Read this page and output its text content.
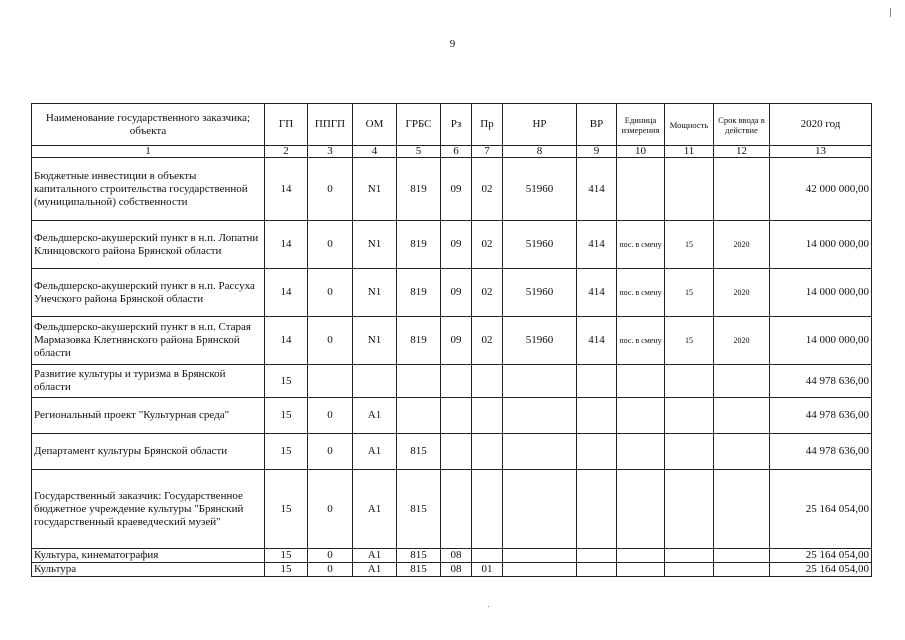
9
Наименование государственного заказчика; объекта	ГП	ППГП	ОМ	ГРБС	Рз	Пр	НР	ВР	Единица измерения	Мощность	Срок ввода в действие	2020 год
1	2	3	4	5	6	7	8	9	10	11	12	13
Бюджетные инвестиции в объекты капитального строительства государственной (муниципальной) собственности	14	0	N1	819	09	02	51960	414				42 000 000,00
Фельдшерско-акушерский пункт в н.п. Лопатни Клинцовского района Брянской области	14	0	N1	819	09	02	51960	414	пос. в смену	15	2020	14 000 000,00
Фельдшерско-акушерский пункт в н.п. Рассуха Унечского района Брянской области	14	0	N1	819	09	02	51960	414	пос. в смену	15	2020	14 000 000,00
Фельдшерско-акушерский пункт в н.п. Старая Мармазовка Клетнянского района Брянской области	14	0	N1	819	09	02	51960	414	пос. в смену	15	2020	14 000 000,00
Развитие культуры и туризма в Брянской области	15											44 978 636,00
Региональный проект "Культурная среда"	15	0	A1									44 978 636,00
Департамент культуры Брянской области	15	0	A1	815								44 978 636,00
Государственный заказчик: Государственное бюджетное учреждение культуры "Брянский государственный краеведческий музей"	15	0	A1	815								25 164 054,00
Культура, кинематография	15	0	A1	815	08							25 164 054,00
Культура	15	0	A1	815	08	01						25 164 054,00
